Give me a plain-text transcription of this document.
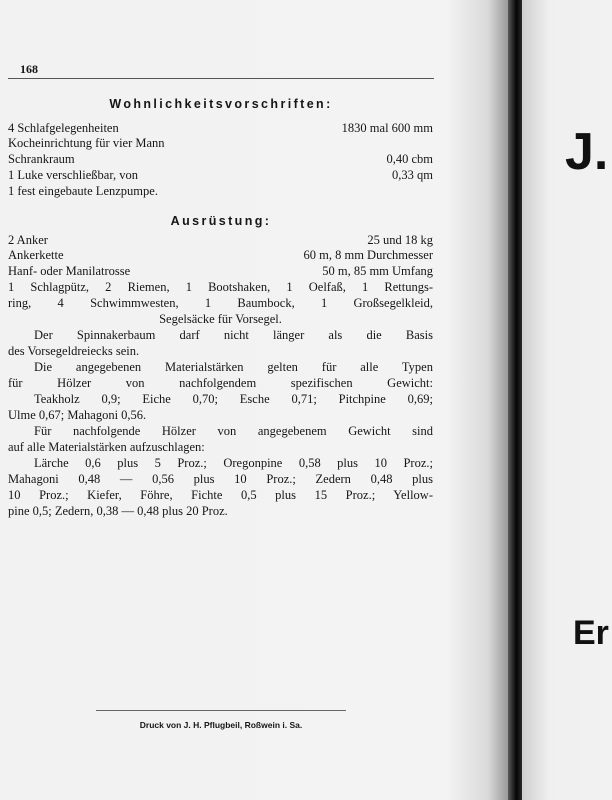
168
Wohnlichkeitsvorschriften:
4 Schlafgelegenheiten	1830 mal 600 mm
Kocheinrichtung für vier Mann
Schrankraum	0,40 cbm
1 Luke verschließbar, von	0,33 qm
1 fest eingebaute Lenzpumpe.
Ausrüstung:
2 Anker	25 und 18 kg
Ankerkette	60 m, 8 mm Durchmesser
Hanf- oder Manilatrosse	50 m, 85 mm Umfang
1 Schlagpütz, 2 Riemen, 1 Bootshaken, 1 Oelfaß, 1 Rettungs-
ring, 4 Schwimmwesten, 1 Baumbock, 1 Großsegelkleid,
Segelsäcke für Vorsegel.
Der Spinnakerbaum darf nicht länger als die Basis
des Vorsegeldreiecks sein.
Die angegebenen Materialstärken gelten für alle Typen
für Hölzer von nachfolgendem spezifischen Gewicht:
Teakholz 0,9; Eiche 0,70; Esche 0,71; Pitchpine 0,69;
Ulme 0,67; Mahagoni 0,56.
Für nachfolgende Hölzer von angegebenem Gewicht sind
auf alle Materialstärken aufzuschlagen:
Lärche 0,6 plus 5 Proz.; Oregonpine 0,58 plus 10 Proz.;
Mahagoni 0,48 — 0,56 plus 10 Proz.; Zedern 0,48 plus
10 Proz.; Kiefer, Föhre, Fichte 0,5 plus 15 Proz.; Yellow-
pine 0,5; Zedern, 0,38 — 0,48 plus 20 Proz.
Druck von J. H. Pflugbeil, Roßwein i. Sa.
J.
Er
